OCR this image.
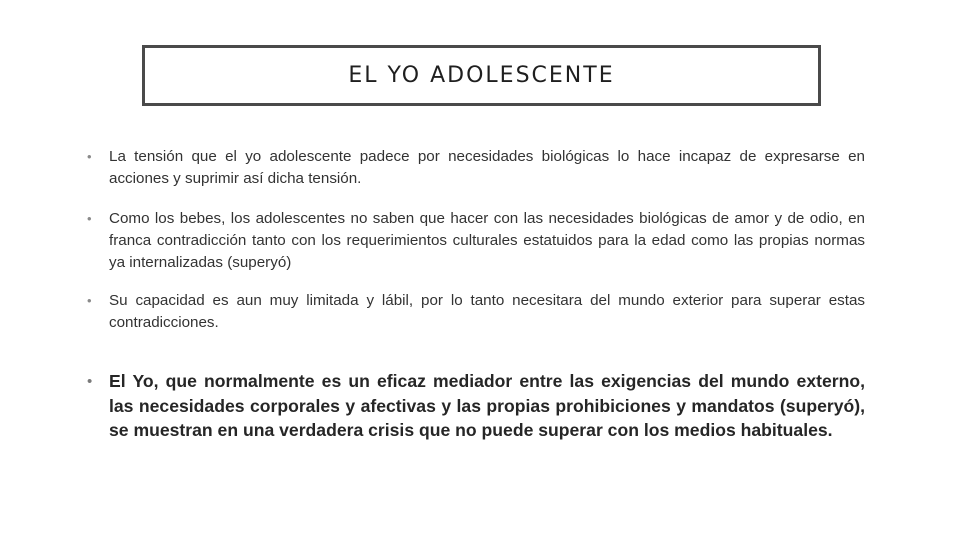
EL YO ADOLESCENTE
• La tensión que el yo adolescente padece por necesidades biológicas lo hace incapaz de expresarse en acciones y suprimir así dicha tensión.
• Como los bebes, los adolescentes no saben que hacer con las necesidades biológicas de amor y de odio, en franca contradicción tanto con los requerimientos culturales estatuidos para la edad como las propias normas ya internalizadas (superyó)
• Su capacidad es aun muy limitada y lábil, por lo tanto necesitara del mundo exterior para superar estas contradicciones.
• El Yo, que normalmente es un eficaz mediador entre las exigencias del mundo externo, las necesidades corporales y afectivas y las propias prohibiciones y mandatos (superyó), se muestran en una verdadera crisis que no puede superar con los medios habituales.
